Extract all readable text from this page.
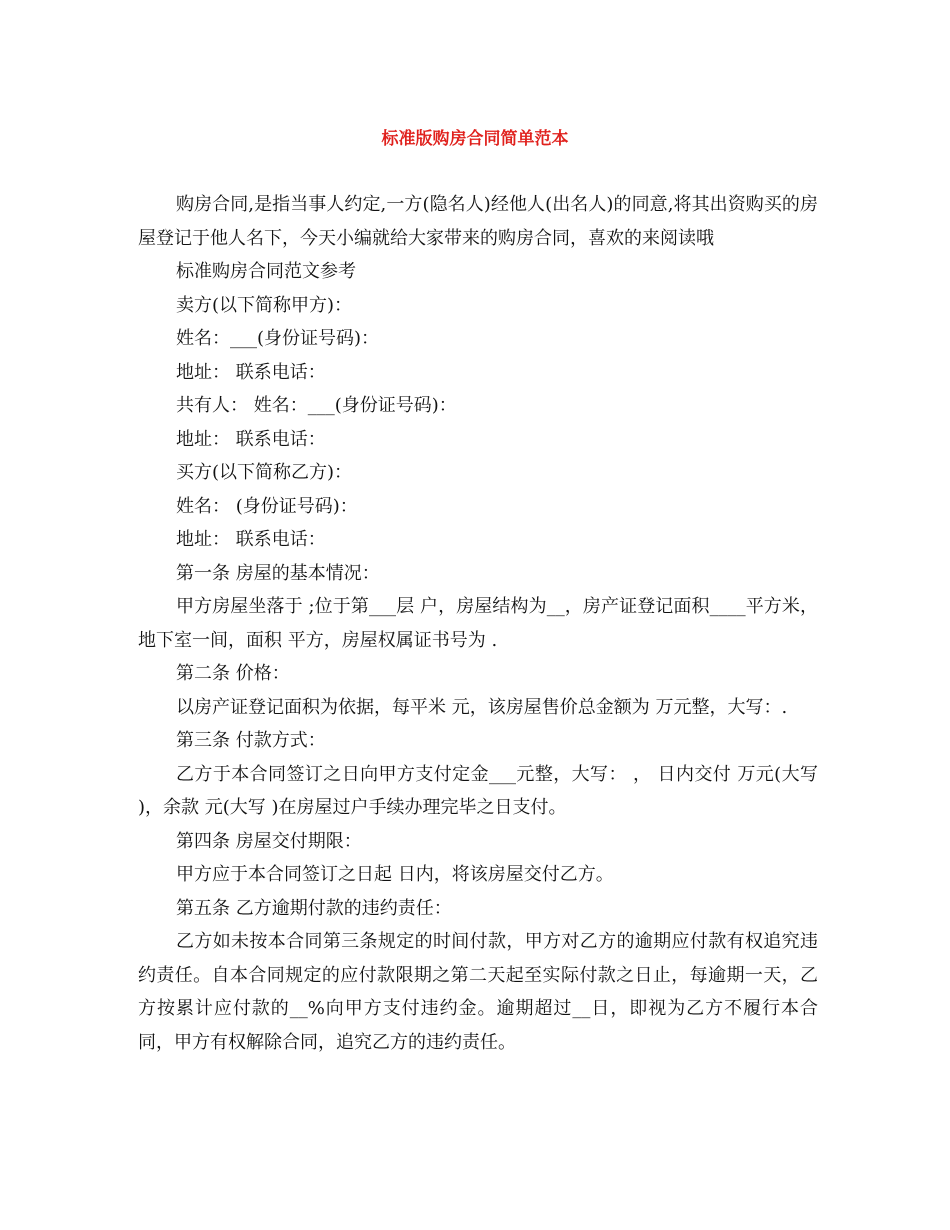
标准版购房合同简单范本

购房合同,是指当事人约定,一方(隐名人)经他人(出名人)的同意,将其出资购买的房屋登记于他人名下，今天小编就给大家带来的购房合同，喜欢的来阅读哦

标准购房合同范文参考

卖方(以下简称甲方)：

姓名：___(身份证号码)：

地址： 联系电话：

共有人： 姓名：___(身份证号码)：

地址： 联系电话：

买方(以下简称乙方)：

姓名： (身份证号码)：

地址： 联系电话：

第一条 房屋的基本情况：

甲方房屋坐落于 ;位于第___层 户，房屋结构为__，房产证登记面积____平方米，地下室一间，面积 平方，房屋权属证书号为 .

第二条 价格：

以房产证登记面积为依据，每平米 元，该房屋售价总金额为 万元整，大写：.

第三条 付款方式：

乙方于本合同签订之日向甲方支付定金___元整，大写： ， 日内交付 万元(大写 )，余款 元(大写 )在房屋过户手续办理完毕之日支付。

第四条 房屋交付期限：

甲方应于本合同签订之日起 日内，将该房屋交付乙方。

第五条 乙方逾期付款的违约责任：

乙方如未按本合同第三条规定的时间付款，甲方对乙方的逾期应付款有权追究违约责任。自本合同规定的应付款限期之第二天起至实际付款之日止，每逾期一天，乙方按累计应付款的__%向甲方支付违约金。逾期超过__日，即视为乙方不履行本合同，甲方有权解除合同，追究乙方的违约责任。
